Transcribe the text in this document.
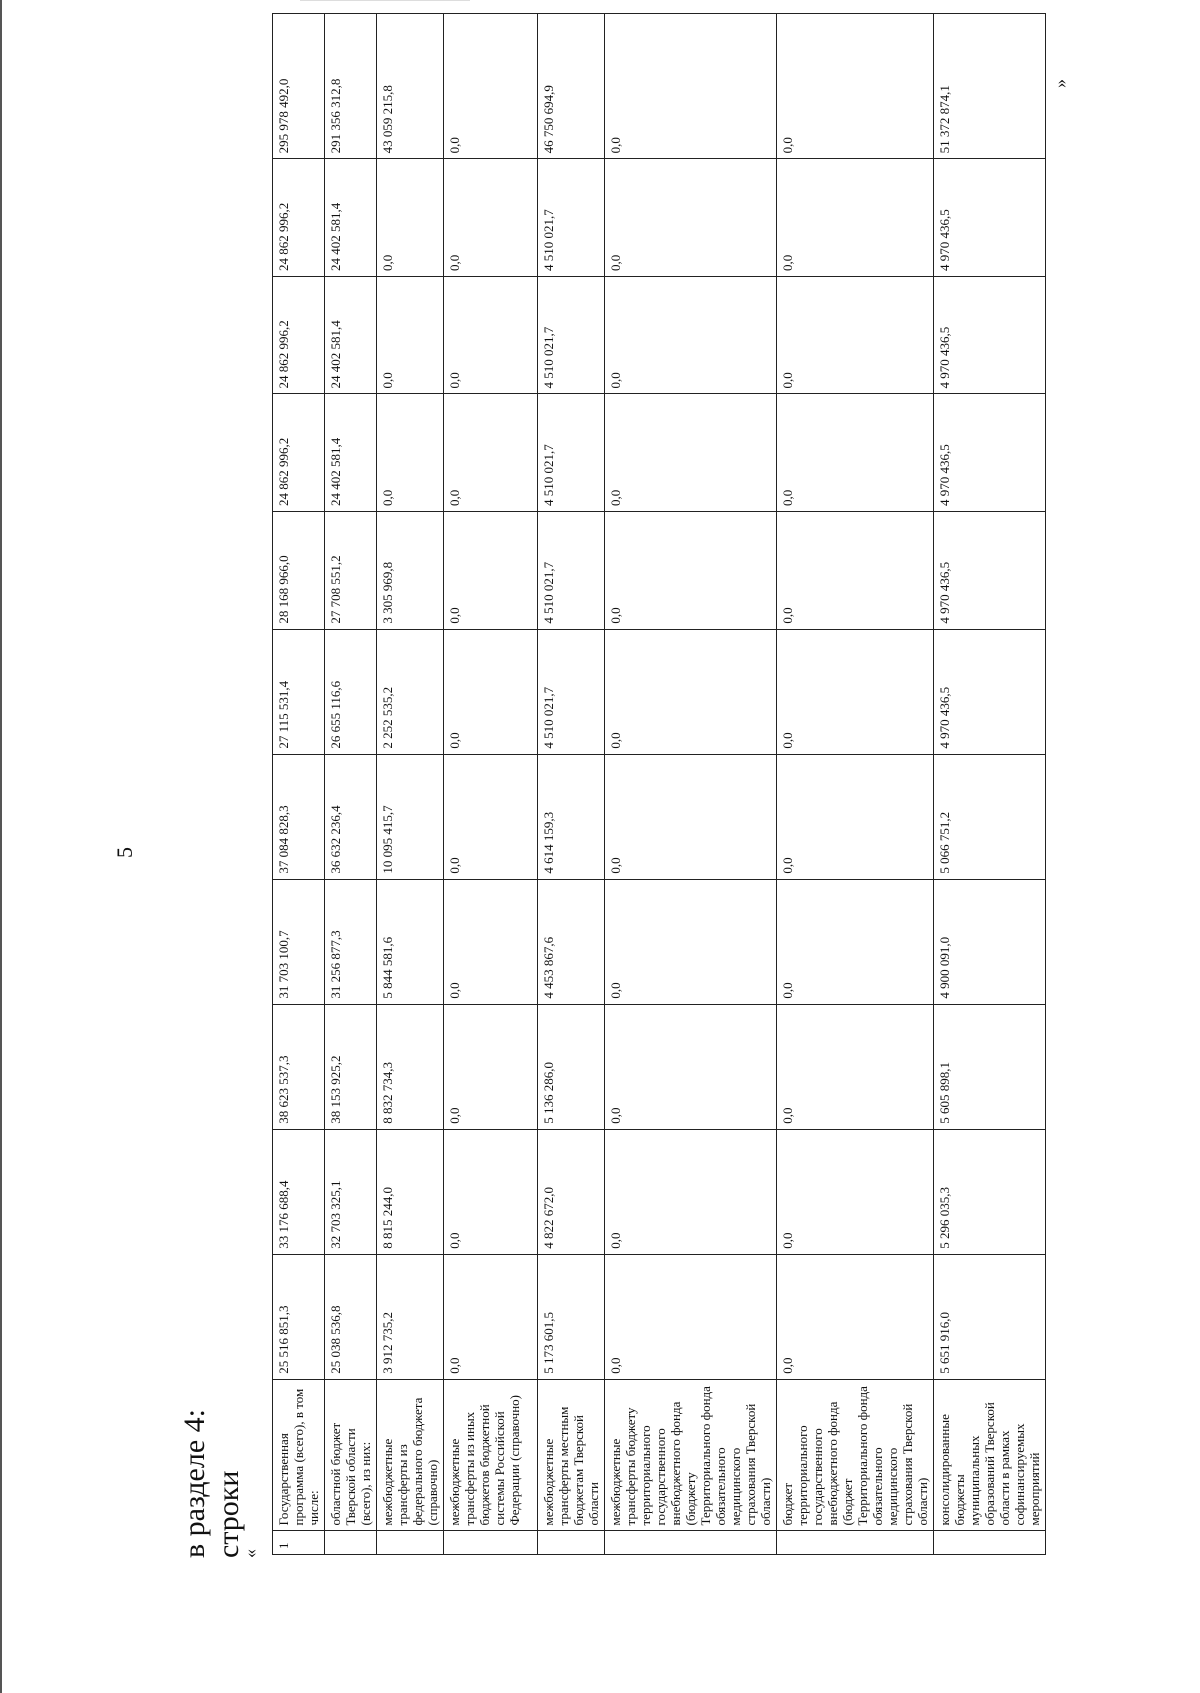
5
в разделе 4: строки
«
1	Государственная программа (всего), в том числе:	25 516 851,3	33 176 688,4	38 623 537,3	31 703 100,7	37 084 828,3	27 115 531,4	28 168 966,0	24 862 996,2	24 862 996,2	24 862 996,2	295 978 492,0
	областной бюджет Тверской области (всего), из них:	25 038 536,8	32 703 325,1	38 153 925,2	31 256 877,3	36 632 236,4	26 655 116,6	27 708 551,2	24 402 581,4	24 402 581,4	24 402 581,4	291 356 312,8
	межбюджетные трансферты из федерального бюджета (справочно)	3 912 735,2	8 815 244,0	8 832 734,3	5 844 581,6	10 095 415,7	2 252 535,2	3 305 969,8	0,0	0,0	0,0	43 059 215,8
	межбюджетные трансферты из иных бюджетов бюджетной системы Российской Федерации (справочно)	0,0	0,0	0,0	0,0	0,0	0,0	0,0	0,0	0,0	0,0	0,0
	межбюджетные трансферты местным бюджетам Тверской области	5 173 601,5	4 822 672,0	5 136 286,0	4 453 867,6	4 614 159,3	4 510 021,7	4 510 021,7	4 510 021,7	4 510 021,7	4 510 021,7	46 750 694,9
	межбюджетные трансферты бюджету территориального государственного внебюджетного фонда (бюджету Территориального фонда обязательного медицинского страхования Тверской области)	0,0	0,0	0,0	0,0	0,0	0,0	0,0	0,0	0,0	0,0	0,0
	бюджет территориального государственного внебюджетного фонда (бюджет Территориального фонда обязательного медицинского страхования Тверской области)	0,0	0,0	0,0	0,0	0,0	0,0	0,0	0,0	0,0	0,0	0,0
	консолидированные бюджеты муниципальных образований Тверской области в рамках софинансируемых мероприятий	5 651 916,0	5 296 035,3	5 605 898,1	4 900 091,0	5 066 751,2	4 970 436,5	4 970 436,5	4 970 436,5	4 970 436,5	4 970 436,5	51 372 874,1
»
